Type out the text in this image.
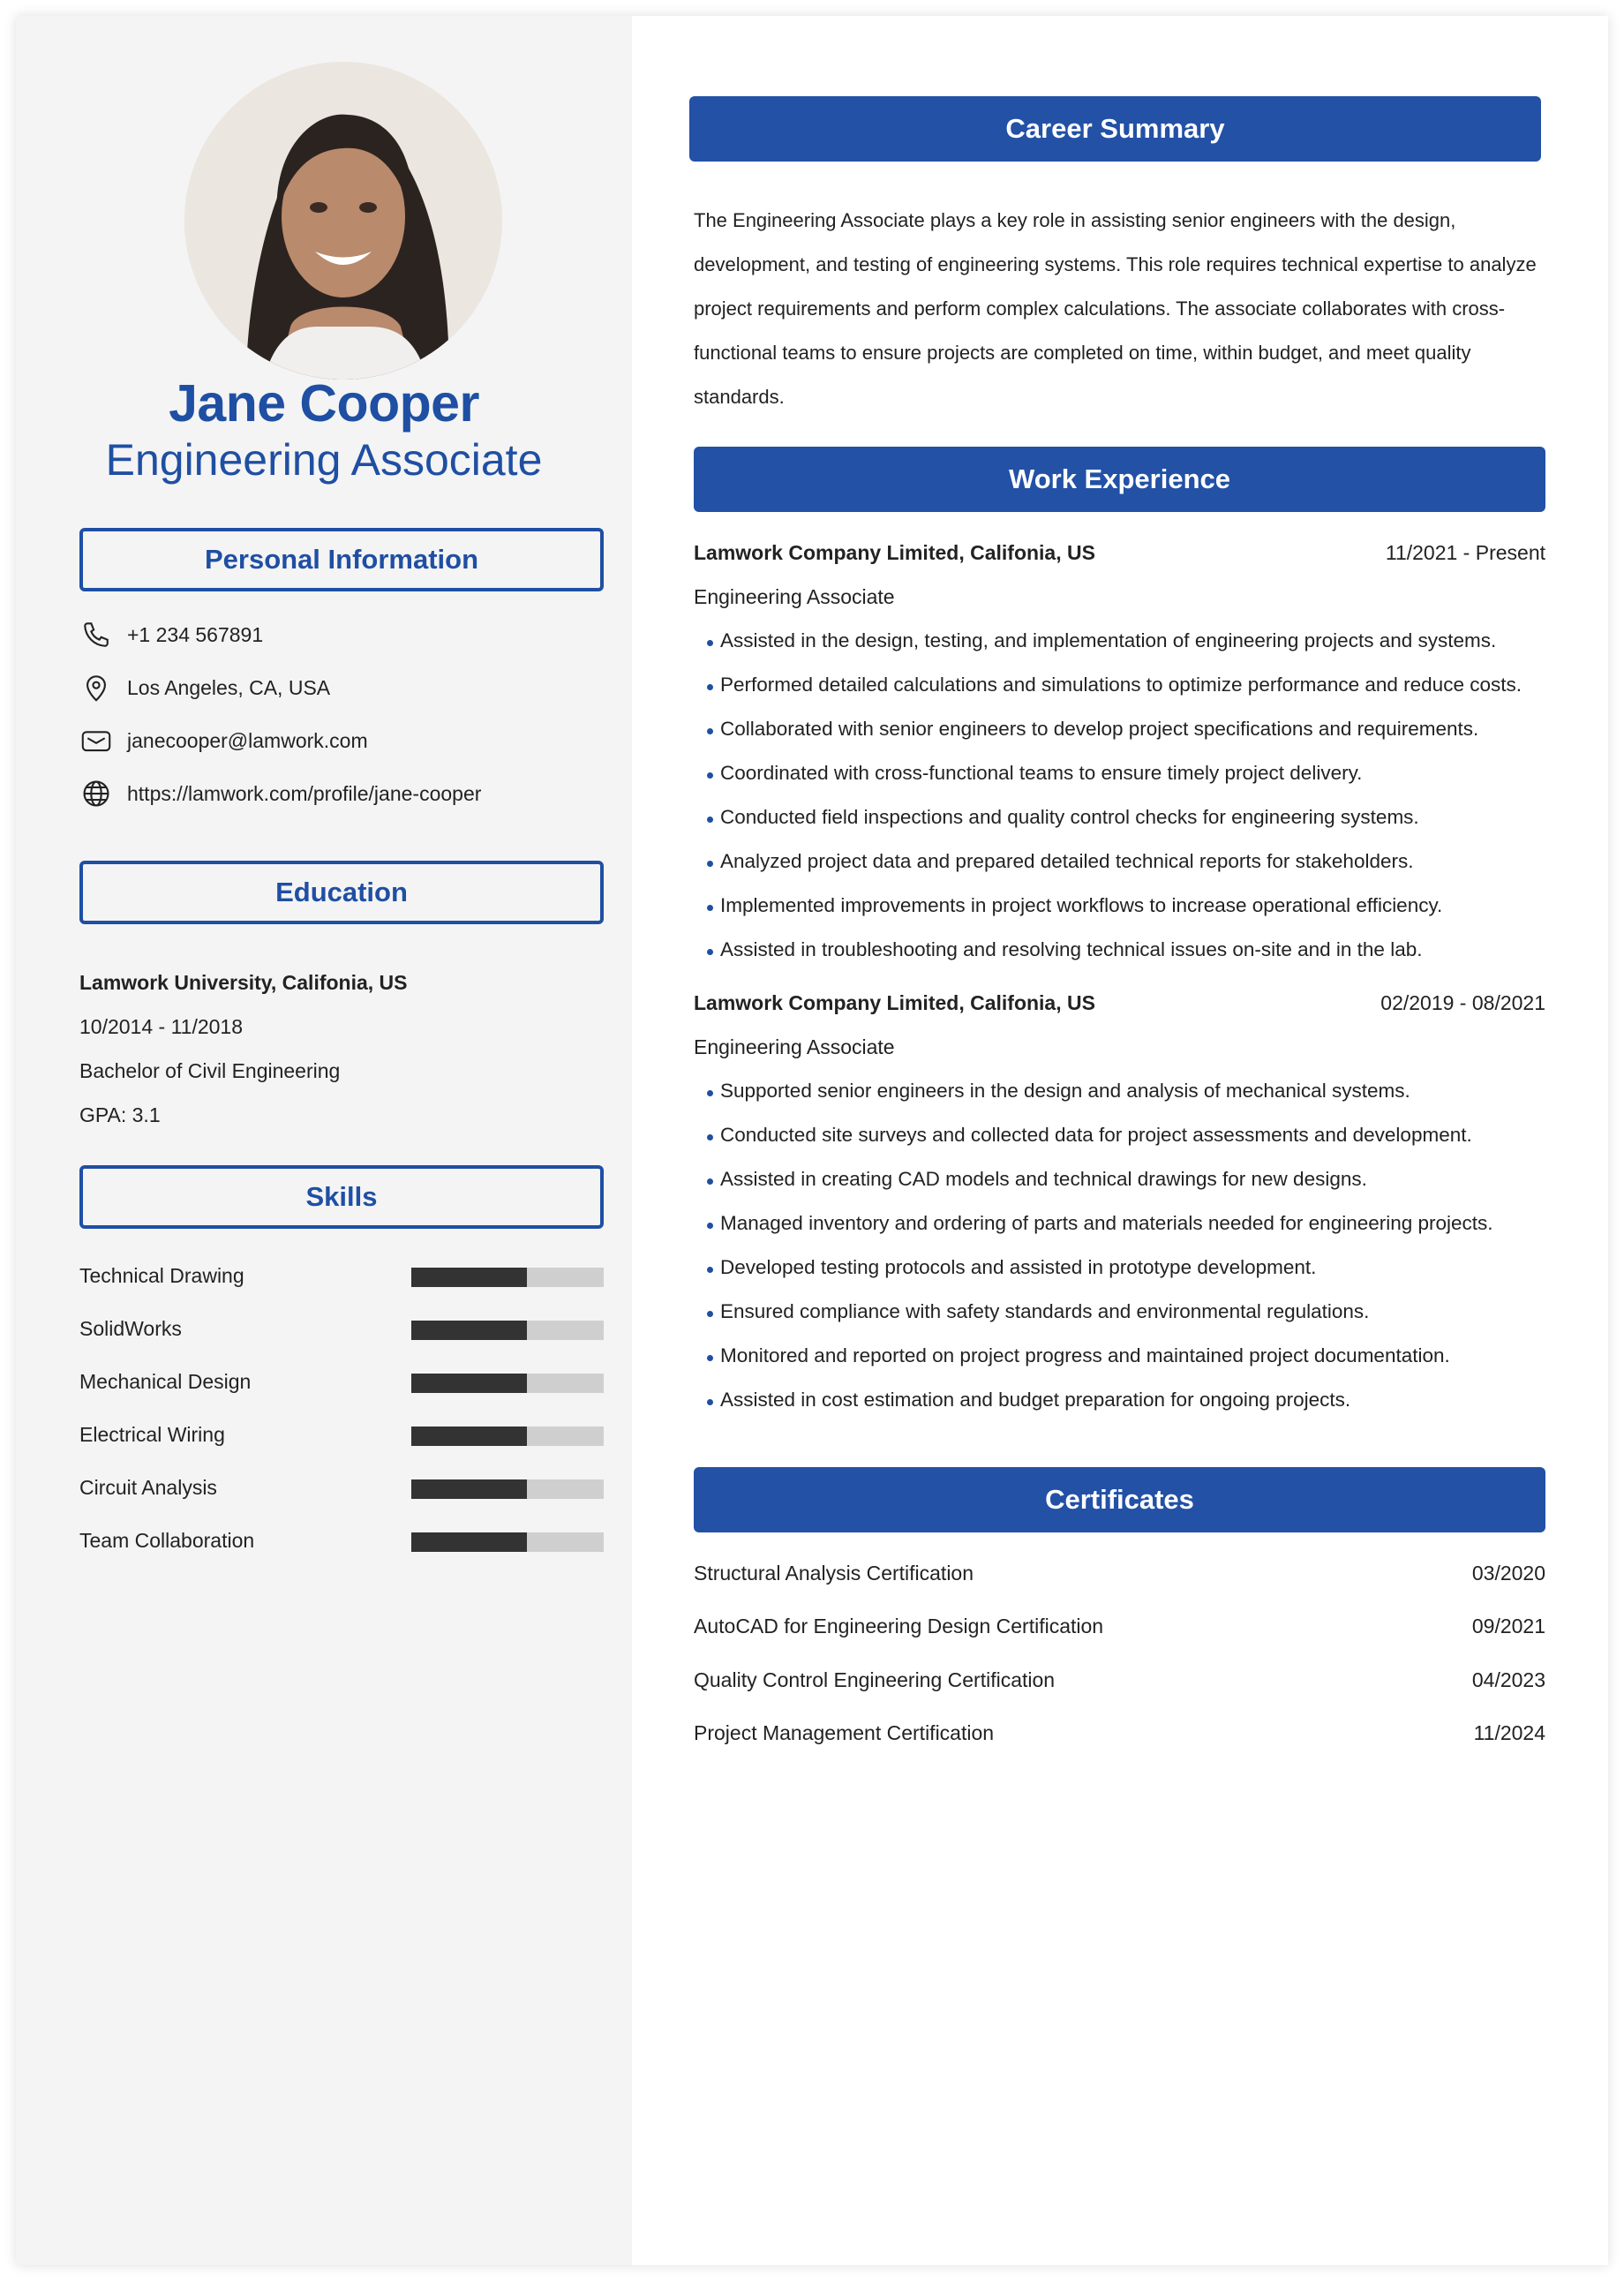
Jane Cooper
Engineering Associate
Personal Information
+1 234 567891
Los Angeles, CA, USA
janecooper@lamwork.com
https://lamwork.com/profile/jane-cooper
Education
Lamwork University, Califonia, US
10/2014 - 11/2018
Bachelor of Civil Engineering
GPA: 3.1
Skills
Technical Drawing
SolidWorks
Mechanical Design
Electrical Wiring
Circuit Analysis
Team Collaboration
Career Summary
The Engineering Associate plays a key role in assisting senior engineers with the design, development, and testing of engineering systems. This role requires technical expertise to analyze project requirements and perform complex calculations. The associate collaborates with cross-functional teams to ensure projects are completed on time, within budget, and meet quality standards.
Work Experience
Lamwork Company Limited, Califonia, US	11/2021 - Present
Engineering Associate
Assisted in the design, testing, and implementation of engineering projects and systems.
Performed detailed calculations and simulations to optimize performance and reduce costs.
Collaborated with senior engineers to develop project specifications and requirements.
Coordinated with cross-functional teams to ensure timely project delivery.
Conducted field inspections and quality control checks for engineering systems.
Analyzed project data and prepared detailed technical reports for stakeholders.
Implemented improvements in project workflows to increase operational efficiency.
Assisted in troubleshooting and resolving technical issues on-site and in the lab.
Lamwork Company Limited, Califonia, US	02/2019 - 08/2021
Engineering Associate
Supported senior engineers in the design and analysis of mechanical systems.
Conducted site surveys and collected data for project assessments and development.
Assisted in creating CAD models and technical drawings for new designs.
Managed inventory and ordering of parts and materials needed for engineering projects.
Developed testing protocols and assisted in prototype development.
Ensured compliance with safety standards and environmental regulations.
Monitored and reported on project progress and maintained project documentation.
Assisted in cost estimation and budget preparation for ongoing projects.
Certificates
Structural Analysis Certification	03/2020
AutoCAD for Engineering Design Certification	09/2021
Quality Control Engineering Certification	04/2023
Project Management Certification	11/2024
